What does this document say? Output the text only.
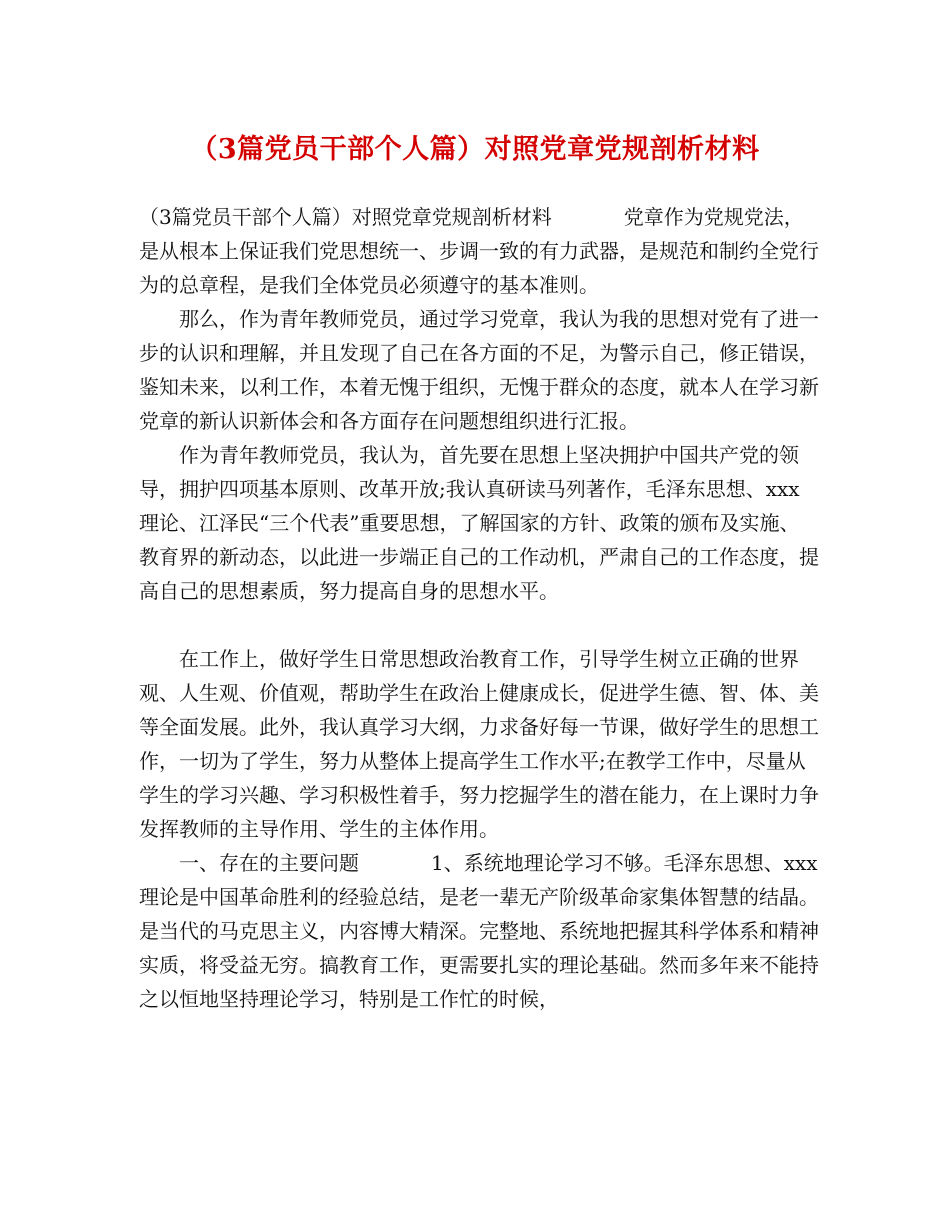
（3篇党员干部个人篇）对照党章党规剖析材料

（3篇党员干部个人篇）对照党章党规剖析材料	党章作为党规党法，是从根本上保证我们党思想统一、步调一致的有力武器，是规范和制约全党行为的总章程，是我们全体党员必须遵守的基本准则。

那么，作为青年教师党员，通过学习党章，我认为我的思想对党有了进一步的认识和理解，并且发现了自己在各方面的不足，为警示自己，修正错误，鉴知未来，以利工作，本着无愧于组织，无愧于群众的态度，就本人在学习新党章的新认识新体会和各方面存在问题想组织进行汇报。

作为青年教师党员，我认为，首先要在思想上坚决拥护中国共产党的领导，拥护四项基本原则、改革开放;我认真研读马列著作，毛泽东思想、xxx理论、江泽民“三个代表”重要思想，了解国家的方针、政策的颁布及实施、教育界的新动态，以此进一步端正自己的工作动机，严肃自己的工作态度，提高自己的思想素质，努力提高自身的思想水平。

在工作上，做好学生日常思想政治教育工作，引导学生树立正确的世界观、人生观、价值观，帮助学生在政治上健康成长，促进学生德、智、体、美等全面发展。此外，我认真学习大纲，力求备好每一节课，做好学生的思想工作，一切为了学生，努力从整体上提高学生工作水平;在教学工作中，尽量从学生的学习兴趣、学习积极性着手，努力挖掘学生的潜在能力，在上课时力争发挥教师的主导作用、学生的主体作用。

一、存在的主要问题	1、系统地理论学习不够。毛泽东思想、xxx理论是中国革命胜利的经验总结，是老一辈无产阶级革命家集体智慧的结晶。是当代的马克思主义，内容博大精深。完整地、系统地把握其科学体系和精神实质，将受益无穷。搞教育工作，更需要扎实的理论基础。然而多年来不能持之以恒地坚持理论学习，特别是工作忙的时候，
